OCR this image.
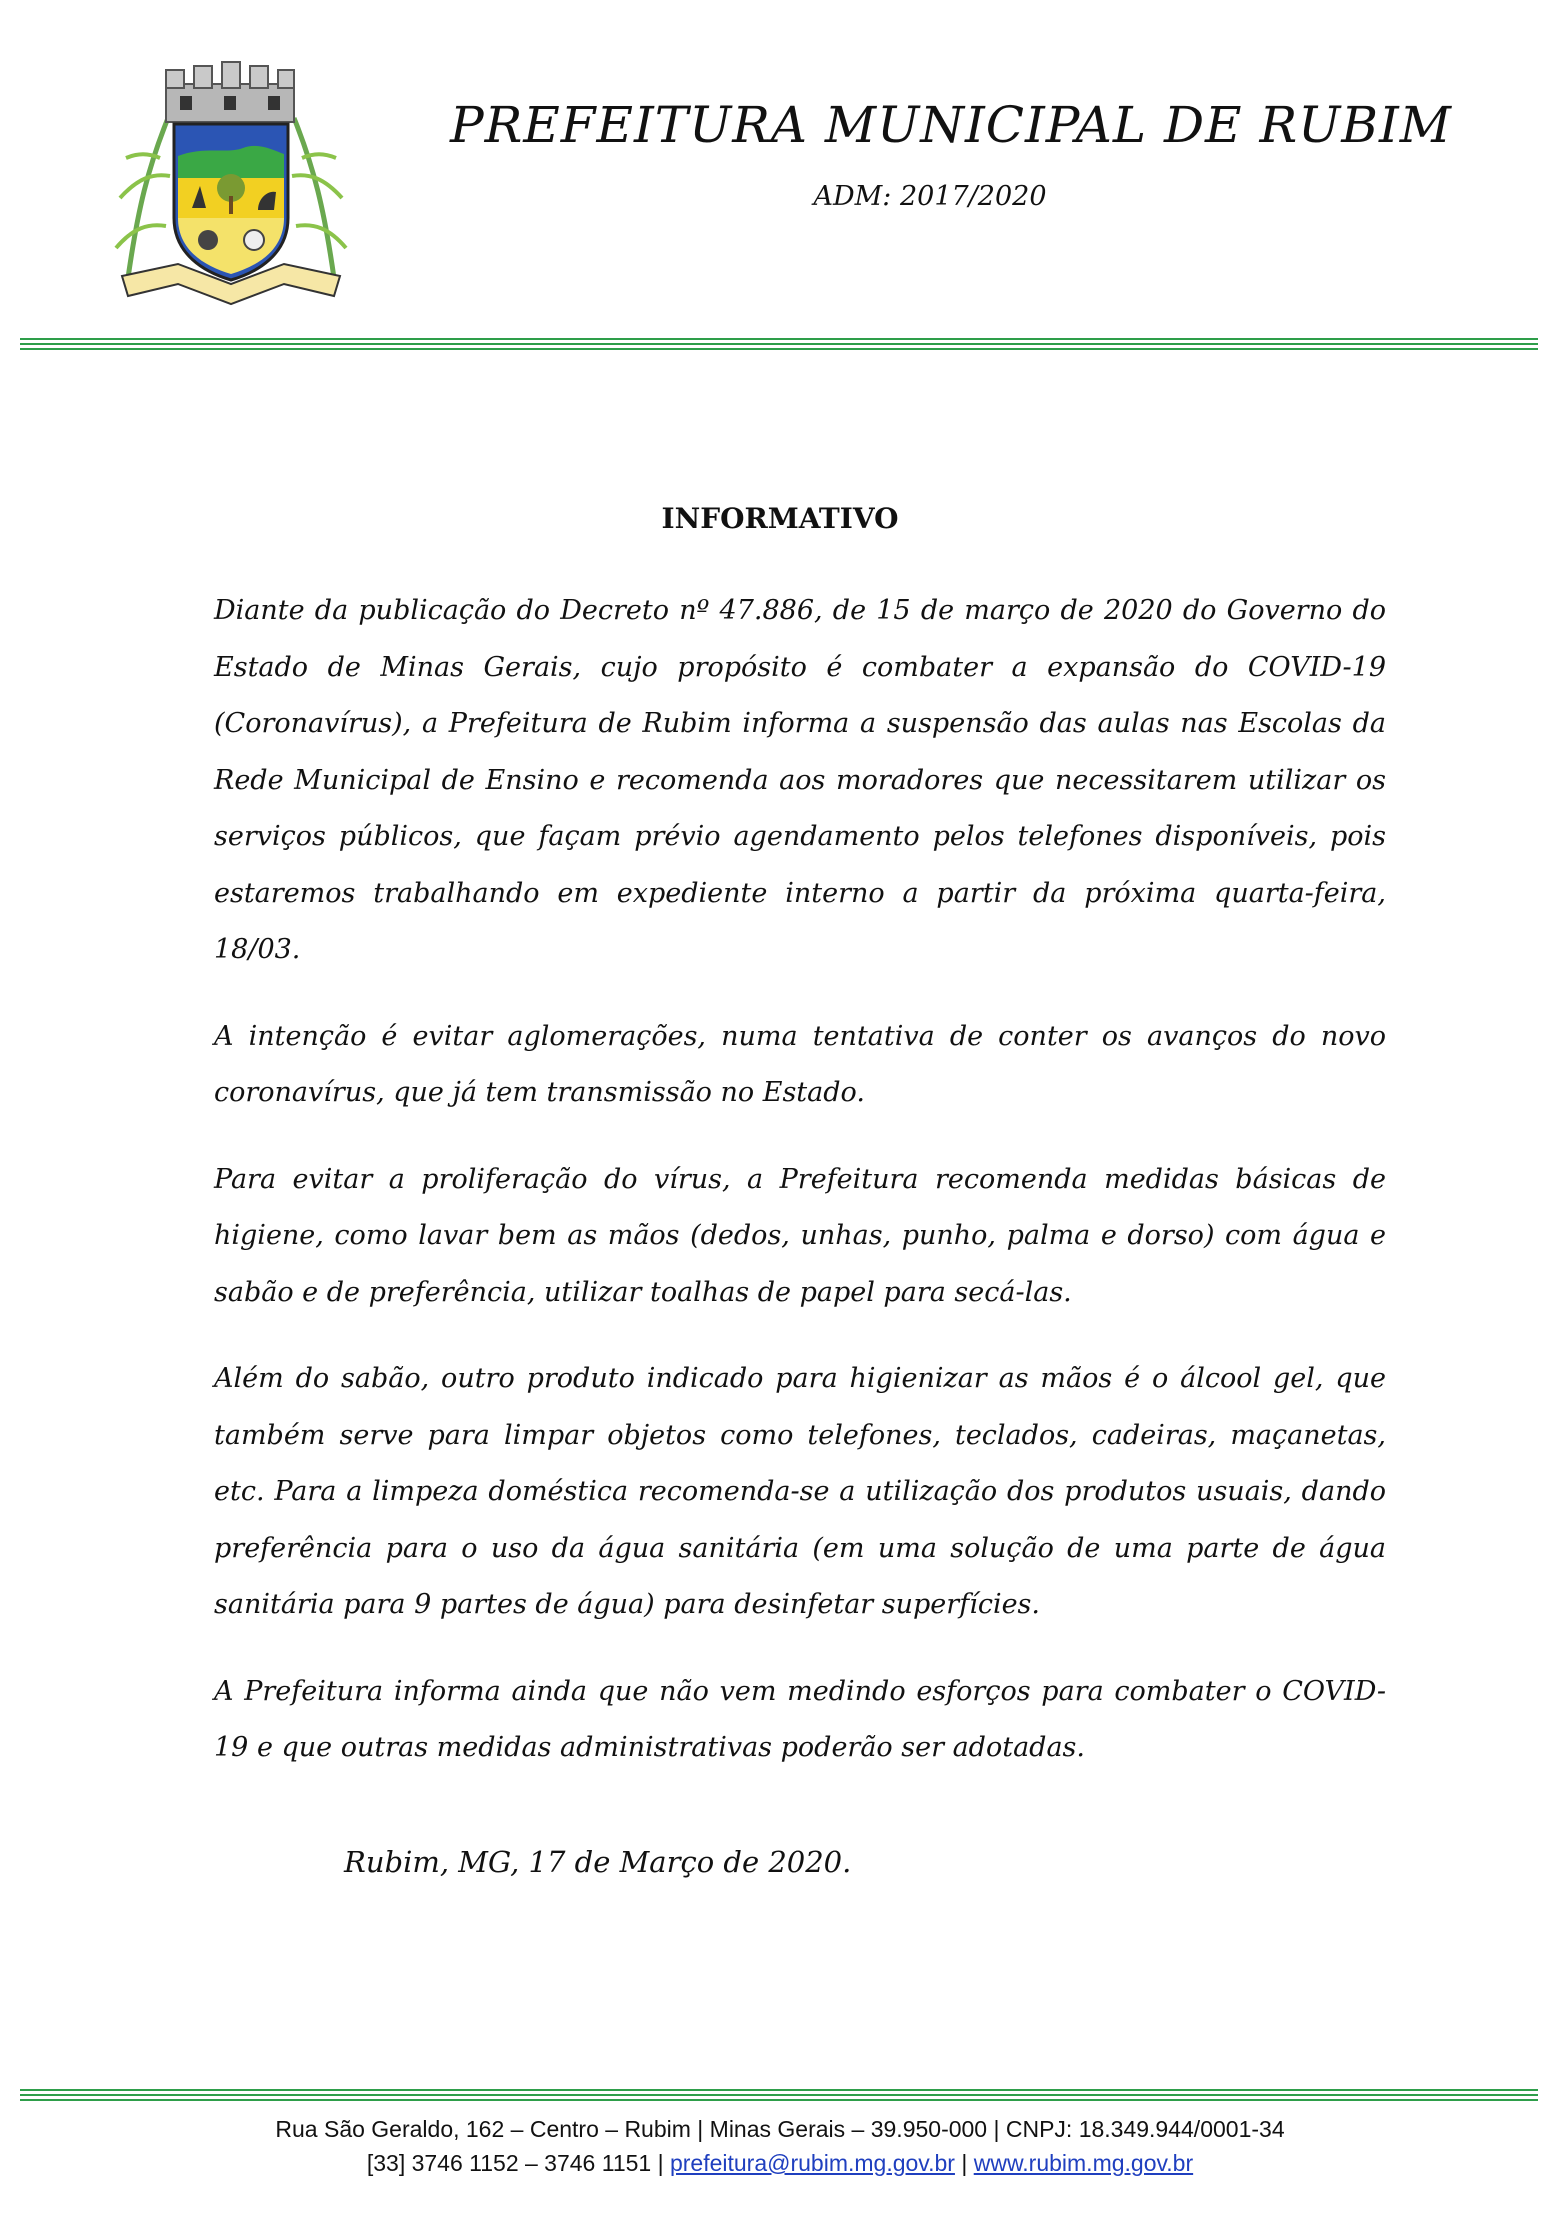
PREFEITURA MUNICIPAL DE RUBIM
ADM: 2017/2020
INFORMATIVO

Diante da publicação do Decreto nº 47.886, de 15 de março de 2020 do Governo do Estado de Minas Gerais, cujo propósito é combater a expansão do COVID-19 (Coronavírus), a Prefeitura de Rubim informa a suspensão das aulas nas Escolas da Rede Municipal de Ensino e recomenda aos moradores que necessitarem utilizar os serviços públicos, que façam prévio agendamento pelos telefones disponíveis, pois estaremos trabalhando em expediente interno a partir da próxima quarta-feira, 18/03.

A intenção é evitar aglomerações, numa tentativa de conter os avanços do novo coronavírus, que já tem transmissão no Estado.

Para evitar a proliferação do vírus, a Prefeitura recomenda medidas básicas de higiene, como lavar bem as mãos (dedos, unhas, punho, palma e dorso) com água e sabão e de preferência, utilizar toalhas de papel para secá-las.

Além do sabão, outro produto indicado para higienizar as mãos é o álcool gel, que também serve para limpar objetos como telefones, teclados, cadeiras, maçanetas, etc. Para a limpeza doméstica recomenda-se a utilização dos produtos usuais, dando preferência para o uso da água sanitária (em uma solução de uma parte de água sanitária para 9 partes de água) para desinfetar superfícies.

A Prefeitura informa ainda que não vem medindo esforços para combater o COVID-19 e que outras medidas administrativas poderão ser adotadas.

Rubim, MG, 17 de Março de 2020.
Rua São Geraldo, 162 – Centro – Rubim | Minas Gerais – 39.950-000 | CNPJ: 18.349.944/0001-34
[33] 3746 1152 – 3746 1151 | prefeitura@rubim.mg.gov.br | www.rubim.mg.gov.br
